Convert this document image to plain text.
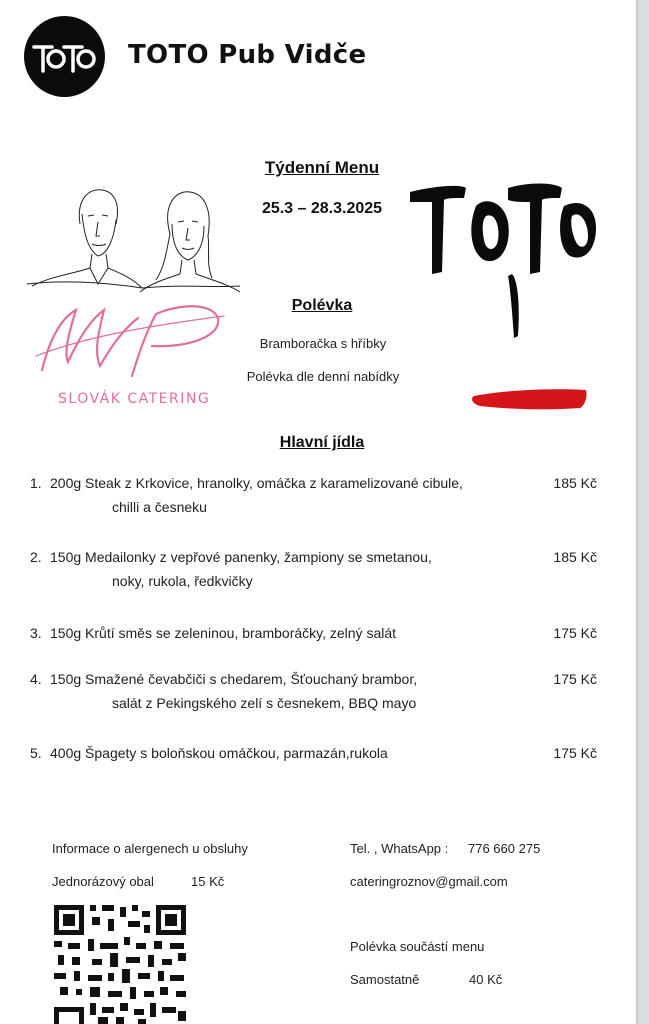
TOTO Pub Vidče
SLOVÁK CATERING
Týdenní Menu
25.3 – 28.3.2025
Polévka
Bramboračka s hříbky
Polévka dle denní nabídky
Hlavní jídla
1. 200g Steak z Krkovice, hranolky, omáčka z karamelizované cibule,	185 Kč
chilli a česneku
2. 150g Medailonky z vepřové panenky, žampiony se smetanou,	185 Kč
noky, rukola, ředkvičky
3. 150g Krůtí směs se zeleninou, bramboráčky, zelný salát	175 Kč
4. 150g Smažené čevabčiči s chedarem, Šťouchaný brambor,	175 Kč
salát z Pekingského zelí s česnekem, BBQ mayo
5. 400g Špagety s boloňskou omáčkou, parmazán,rukola	175 Kč
Informace o alergenech u obsluhy
Jednorázový obal	15 Kč
Tel. , WhatsApp : 776 660 275
cateringroznov@gmail.com
Polévka součástí menu
Samostatně	40 Kč
